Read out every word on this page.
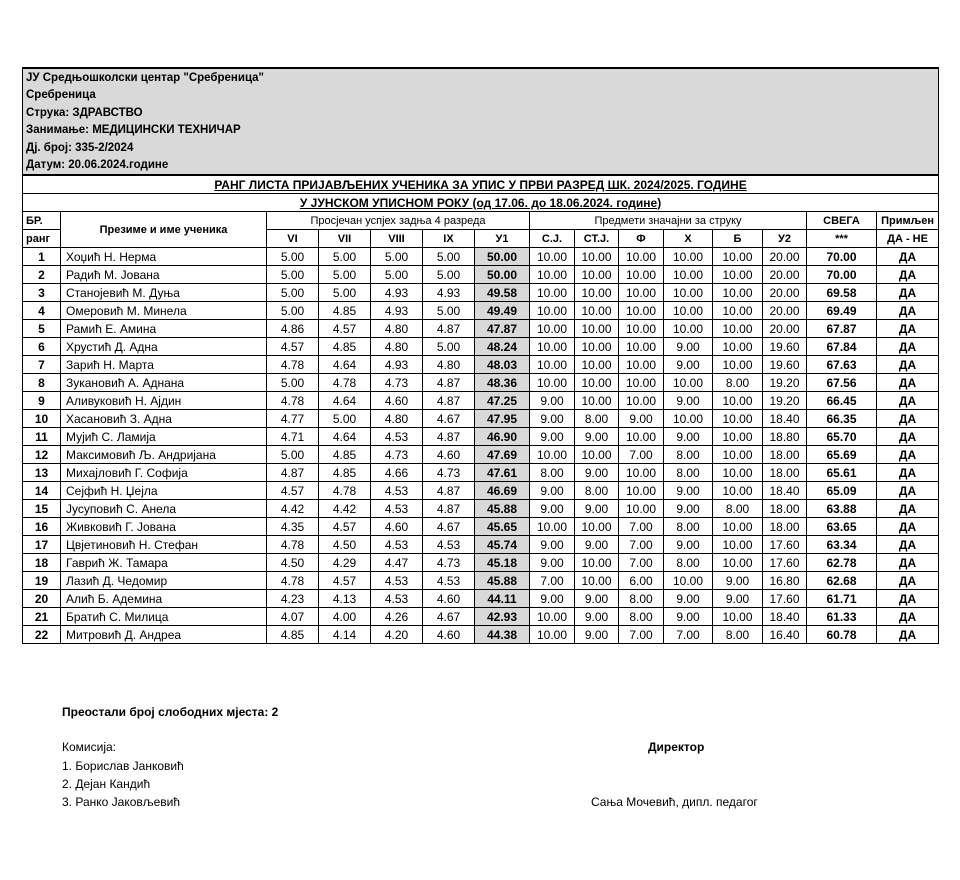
ЈУ Средњошколски центар "Сребреница"														
Сребреница														
Струка: ЗДРАВСТВО														
Занимање: МЕДИЦИНСКИ ТЕХНИЧАР														
Дј. број: 335-2/2024														
Датум: 20.06.2024.године														
РАНГ ЛИСТА ПРИЈАВЉЕНИХ УЧЕНИКА ЗА УПИС У ПРВИ РАЗРЕД ШК. 2024/2025. ГОДИНЕ														
У ЈУНСКОМ УПИСНОМ РОКУ (од 17.06. до 18.06.2024. године)														
БР.	Презиме и име ученика	Просјечан успјех задња 4 разреда					Предмети значајни за струку						СВЕГА	Примљен
ранг		VI	VII	VIII	IX	У1	С.Ј.	СТ.Ј.	Ф	Х	Б	У2	***	ДА - НЕ
1	Хоџић Н. Нерма	5.00	5.00	5.00	5.00	50.00	10.00	10.00	10.00	10.00	10.00	20.00	70.00	ДА
2	Радић М. Јована	5.00	5.00	5.00	5.00	50.00	10.00	10.00	10.00	10.00	10.00	20.00	70.00	ДА
3	Станојевић М. Дуња	5.00	5.00	4.93	4.93	49.58	10.00	10.00	10.00	10.00	10.00	20.00	69.58	ДА
4	Омеровић М. Минела	5.00	4.85	4.93	5.00	49.49	10.00	10.00	10.00	10.00	10.00	20.00	69.49	ДА
5	Рамић Е. Амина	4.86	4.57	4.80	4.87	47.87	10.00	10.00	10.00	10.00	10.00	20.00	67.87	ДА
6	Хрустић Д. Адна	4.57	4.85	4.80	5.00	48.24	10.00	10.00	10.00	9.00	10.00	19.60	67.84	ДА
7	Зарић Н. Марта	4.78	4.64	4.93	4.80	48.03	10.00	10.00	10.00	9.00	10.00	19.60	67.63	ДА
8	Зукановић А. Аднана	5.00	4.78	4.73	4.87	48.36	10.00	10.00	10.00	10.00	8.00	19.20	67.56	ДА
9	Аливуковић Н. Ајдин	4.78	4.64	4.60	4.87	47.25	9.00	10.00	10.00	9.00	10.00	19.20	66.45	ДА
10	Хасановић З. Адна	4.77	5.00	4.80	4.67	47.95	9.00	8.00	9.00	10.00	10.00	18.40	66.35	ДА
11	Мујић С. Ламија	4.71	4.64	4.53	4.87	46.90	9.00	9.00	10.00	9.00	10.00	18.80	65.70	ДА
12	Максимовић Љ. Андријана	5.00	4.85	4.73	4.60	47.69	10.00	10.00	7.00	8.00	10.00	18.00	65.69	ДА
13	Михајловић Г. Софија	4.87	4.85	4.66	4.73	47.61	8.00	9.00	10.00	8.00	10.00	18.00	65.61	ДА
14	Сејфић Н. Џејла	4.57	4.78	4.53	4.87	46.69	9.00	8.00	10.00	9.00	10.00	18.40	65.09	ДА
15	Јусуповић С. Анела	4.42	4.42	4.53	4.87	45.88	9.00	9.00	10.00	9.00	8.00	18.00	63.88	ДА
16	Живковић Г. Јована	4.35	4.57	4.60	4.67	45.65	10.00	10.00	7.00	8.00	10.00	18.00	63.65	ДА
17	Цвјетиновић Н. Стефан	4.78	4.50	4.53	4.53	45.74	9.00	9.00	7.00	9.00	10.00	17.60	63.34	ДА
18	Гаврић Ж. Тамара	4.50	4.29	4.47	4.73	45.18	9.00	10.00	7.00	8.00	10.00	17.60	62.78	ДА
19	Лазић Д. Чедомир	4.78	4.57	4.53	4.53	45.88	7.00	10.00	6.00	10.00	9.00	16.80	62.68	ДА
20	Алић Б. Адемина	4.23	4.13	4.53	4.60	44.11	9.00	9.00	8.00	9.00	9.00	17.60	61.71	ДА
21	Братић С. Милица	4.07	4.00	4.26	4.67	42.93	10.00	9.00	8.00	9.00	10.00	18.40	61.33	ДА
22	Митровић Д. Андреа	4.85	4.14	4.20	4.60	44.38	10.00	9.00	7.00	7.00	8.00	16.40	60.78	ДА
Преостали број слободних мјеста: 2
Комисија:
1. Борислав Јанковић
2. Дејан Кандић
3. Ранко Јаковљевић
Директор
Сања Мочевић, дипл. педагог
